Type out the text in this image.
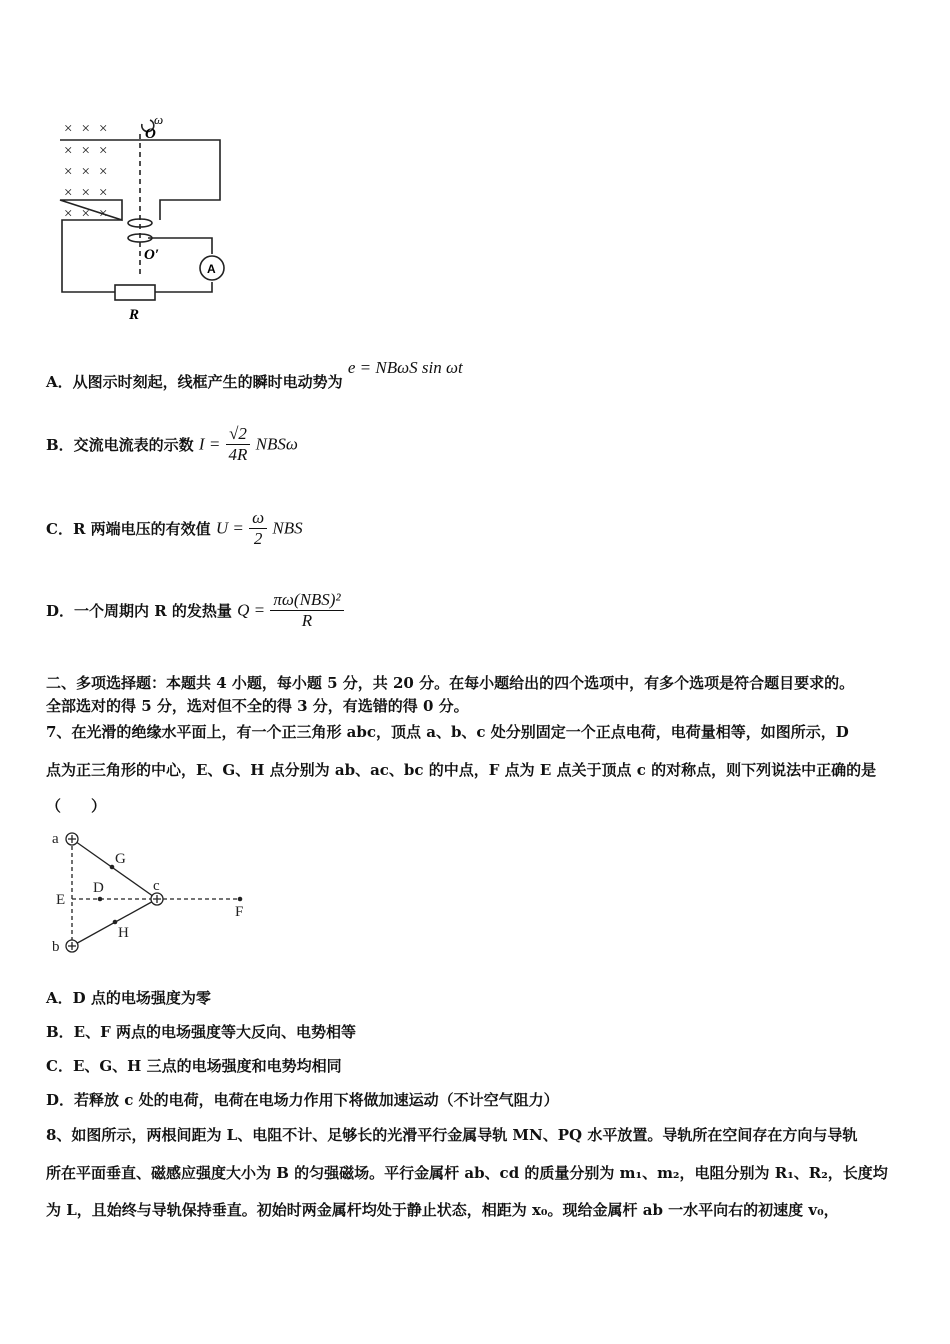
× × ×
× × ×
× × ×
× × ×
× × ×
ω
O
O′
A
R
A．从图示时刻起，线框产生的瞬时电动势为 e = NBωS sin ωt
B．交流电流表的示数 $I = \frac{√2}{4R}$ NBSω
C．R 两端电压的有效值 $U = \frac{\omega}{2}$ NBS
D．一个周期内 R 的发热量 $Q = \frac{\text{πω(NBS)²}}{R}$
二、多项选择题：本题共 4 小题，每小题 5 分，共 20 分。在每小题给出的四个选项中，有多个选项是符合题目要求的。
全部选对的得 5 分，选对但不全的得 3 分，有选错的得 0 分。
7、在光滑的绝缘水平面上，有一个正三角形 abc，顶点 a、b、c 处分别固定一个正点电荷，电荷量相等，如图所示，D
点为正三角形的中心，E、G、H 点分别为 ab、ac、bc 的中点，F 点为 E 点关于顶点 c 的对称点，则下列说法中正确的是
（　　）
a
b
c
D
E
F
G
H
A．D 点的电场强度为零
B．E、F 两点的电场强度等大反向、电势相等
C．E、G、H 三点的电场强度和电势均相同
D．若释放 c 处的电荷，电荷在电场力作用下将做加速运动（不计空气阻力）
8、如图所示，两根间距为 L、电阻不计、足够长的光滑平行金属导轨 MN、PQ 水平放置。导轨所在空间存在方向与导轨
所在平面垂直、磁感应强度大小为 B 的匀强磁场。平行金属杆 ab、cd 的质量分别为 m₁、m₂，电阻分别为 R₁、R₂，长度均
为 L，且始终与导轨保持垂直。初始时两金属杆均处于静止状态，相距为 x₀。现给金属杆 ab 一水平向右的初速度 v₀，
